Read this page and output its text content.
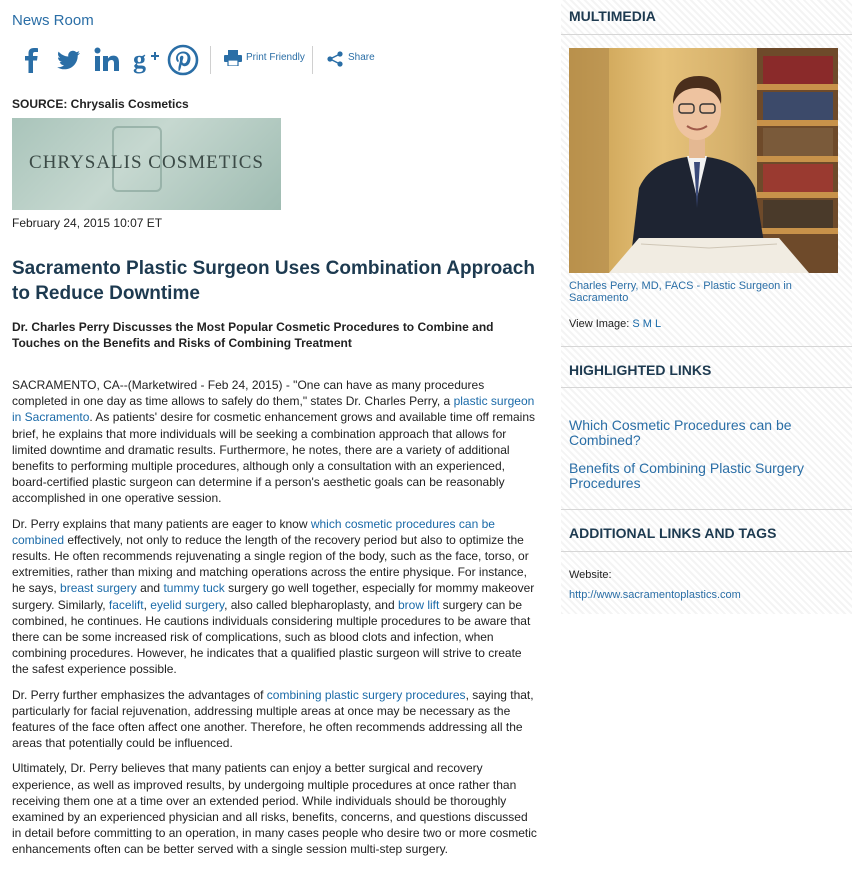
News Room
g	Print Friendly	Share
SOURCE: Chrysalis Cosmetics
CHRYSALIS COSMETICS
February 24, 2015 10:07 ET
Sacramento Plastic Surgeon Uses Combination Approach to Reduce Downtime
Dr. Charles Perry Discusses the Most Popular Cosmetic Procedures to Combine and Touches on the Benefits and Risks of Combining Treatment

SACRAMENTO, CA--(Marketwired - Feb 24, 2015) - "One can have as many procedures completed in one day as time allows to safely do them," states Dr. Charles Perry, a plastic surgeon in Sacramento. As patients' desire for cosmetic enhancement grows and available time off remains brief, he explains that more individuals will be seeking a combination approach that allows for limited downtime and dramatic results. Furthermore, he notes, there are a variety of additional benefits to performing multiple procedures, although only a consultation with an experienced, board-certified plastic surgeon can determine if a person's aesthetic goals can be reasonably accomplished in one operative session.

Dr. Perry explains that many patients are eager to know which cosmetic procedures can be combined effectively, not only to reduce the length of the recovery period but also to optimize the results. He often recommends rejuvenating a single region of the body, such as the face, torso, or extremities, rather than mixing and matching operations across the entire physique. For instance, he says, breast surgery and tummy tuck surgery go well together, especially for mommy makeover surgery. Similarly, facelift, eyelid surgery, also called blepharoplasty, and brow lift surgery can be combined, he continues. He cautions individuals considering multiple procedures to be aware that there can be some increased risk of complications, such as blood clots and infection, when combining procedures. However, he indicates that a qualified plastic surgeon will strive to create the safest experience possible.

Dr. Perry further emphasizes the advantages of combining plastic surgery procedures, saying that, particularly for facial rejuvenation, addressing multiple areas at once may be necessary as the features of the face often affect one another. Therefore, he often recommends addressing all the areas that potentially could be influenced.

Ultimately, Dr. Perry believes that many patients can enjoy a better surgical and recovery experience, as well as improved results, by undergoing multiple procedures at once rather than receiving them one at a time over an extended period. While individuals should be thoroughly examined by an experienced physician and all risks, benefits, concerns, and questions discussed in detail before committing to an operation, in many cases people who desire two or more cosmetic enhancements often can be better served with a single session multi-step surgery.

MULTIMEDIA
Charles Perry, MD, FACS - Plastic Surgeon in Sacramento
View Image: S M L
HIGHLIGHTED LINKS
Which Cosmetic Procedures can be Combined?
Benefits of Combining Plastic Surgery Procedures
ADDITIONAL LINKS AND TAGS
Website:
http://www.sacramentoplastics.com
